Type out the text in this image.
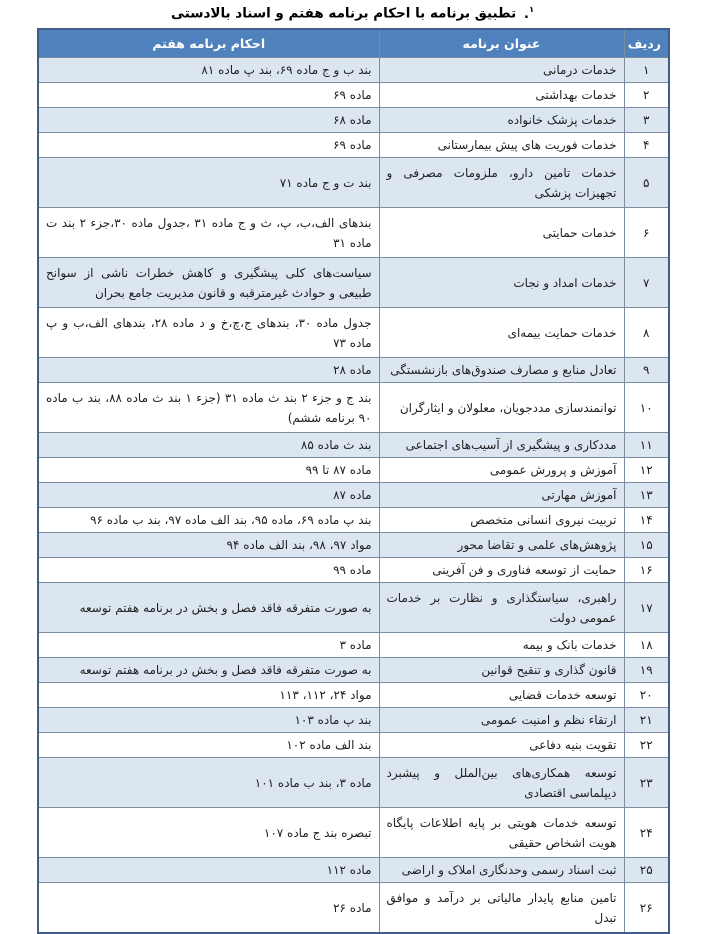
$^۱$. تطبیق برنامه با احکام برنامه هفتم و اسناد بالادستی
ردیف	عنوان برنامه	احکام برنامه هفتم
۱	خدمات درمانی	بند ب و ج ماده ۶۹، بند پ ماده ۸۱
۲	خدمات بهداشتی	ماده ۶۹
۳	خدمات پزشک خانواده	ماده ۶۸
۴	خدمات فوریت های پیش بیمارستانی	ماده ۶۹
۵	خدمات تامین دارو، ملزومات مصرفی و تجهیزات پزشکی	بند ت و ج ماده ۷۱
۶	خدمات حمایتی	بندهای الف،ب، پ، ث و ج ماده ۳۱ ،جدول ماده ۳۰،جزء ۲ بند ت ماده ۳۱
۷	خدمات امداد و نجات	سیاست‌های کلی پیشگیری و کاهش خطرات ناشی از سوانح طبیعی و حوادث غیرمترقبه و قانون مدیریت جامع بحران
۸	خدمات حمایت بیمه‌ای	جدول ماده ۳۰، بندهای ج،چ،خ و د ماده ۲۸، بندهای الف،ب و پ ماده ۷۳
۹	تعادل منابع و مصارف صندوق‌های بازنشستگی	ماده ۲۸
۱۰	توانمندسازی مددجویان، معلولان و ایثارگران	بند ج و جزء ۲ بند ث ماده ۳۱ (جزء ۱ بند ث ماده ۸۸، بند ب ماده ۹۰ برنامه ششم)
۱۱	مددکاری و پیشگیری از آسیب‌های اجتماعی	بند ث ماده ۸۵
۱۲	آموزش و پرورش عمومی	ماده ۸۷ تا ۹۹
۱۳	آموزش مهارتی	ماده ۸۷
۱۴	تربیت نیروی انسانی متخصص	بند پ ماده ۶۹، ماده ۹۵، بند الف ماده ۹۷، بند ب ماده ۹۶
۱۵	پژوهش‌های علمی و تقاضا محور	مواد ۹۷، ۹۸، بند الف ماده ۹۴
۱۶	حمایت از توسعه فناوری و فن آفرینی	ماده ۹۹
۱۷	راهبری، سیاستگذاری و نظارت بر خدمات عمومی دولت	به صورت متفرقه فاقد فصل و بخش در برنامه هفتم توسعه
۱۸	خدمات بانک و بیمه	ماده ۳
۱۹	قانون گذاری و تنقیح قوانین	به صورت متفرقه فاقد فصل و بخش در برنامه هفتم توسعه
۲۰	توسعه خدمات قضایی	مواد ۲۴، ۱۱۲، ۱۱۳
۲۱	ارتقاء نظم و امنیت عمومی	بند پ ماده ۱۰۳
۲۲	تقویت بنیه دفاعی	بند الف ماده ۱۰۲
۲۳	توسعه همکاری‌های بین‌الملل و پیشبرد دیپلماسی اقتصادی	ماده ۳، بند ب ماده ۱۰۱
۲۴	توسعه خدمات هویتی بر پایه اطلاعات پایگاه هویت اشخاص حقیقی	تبصره بند ج ماده ۱۰۷
۲۵	ثبت اسناد رسمی وحدنگاری املاک و اراضی	ماده ۱۱۲
۲۶	تامین منابع پایدار مالیاتی بر درآمد و موافق تبدل	ماده ۲۶
